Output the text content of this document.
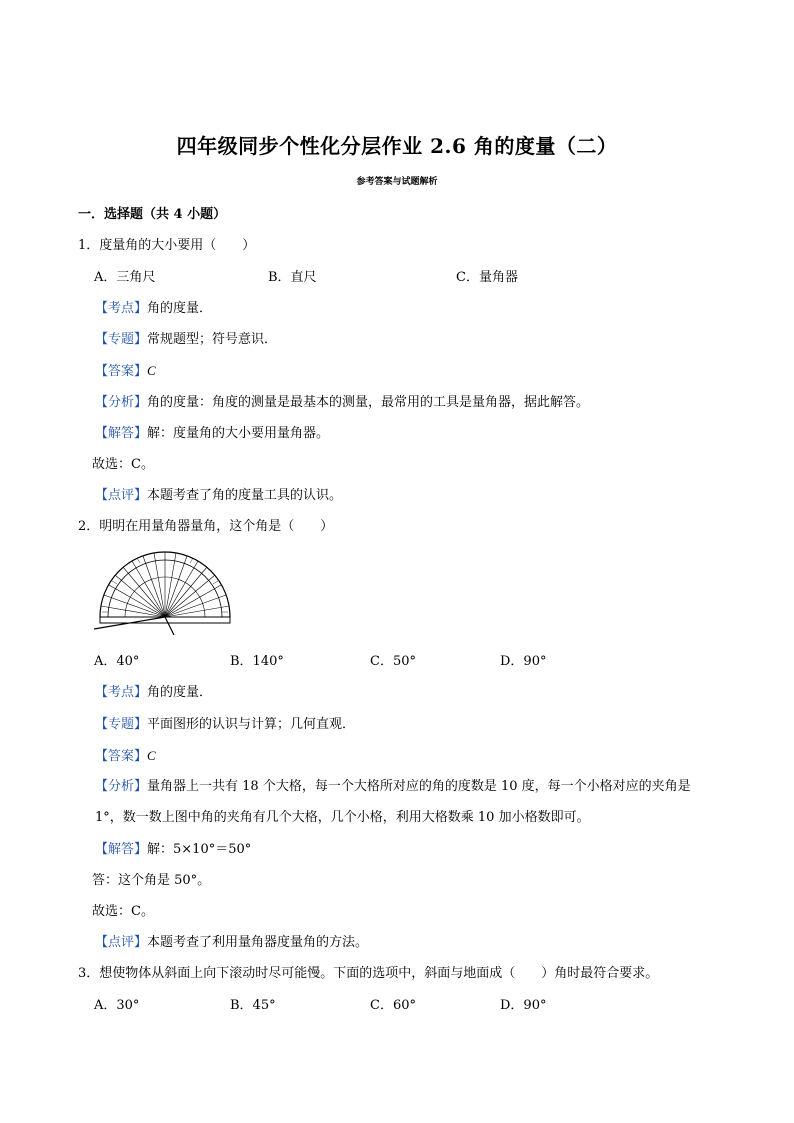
四年级同步个性化分层作业 2.6 角的度量（二）
参考答案与试题解析
一．选择题（共 4 小题）
1．度量角的大小要用（　　）
A．三角尺	B．直尺	C．量角器
【考点】角的度量．
【专题】常规题型；符号意识．
【答案】C
【分析】角的度量：角度的测量是最基本的测量，最常用的工具是量角器，据此解答。
【解答】解：度量角的大小要用量角器。
故选：C。
【点评】本题考查了角的度量工具的认识。
2．明明在用量角器量角，这个角是（　　）
A．40°	B．140°	C．50°	D．90°
【考点】角的度量．
【专题】平面图形的认识与计算；几何直观．
【答案】C
【分析】量角器上一共有 18 个大格，每一个大格所对应的角的度数是 10 度，每一个小格对应的夹角是
1°，数一数上图中角的夹角有几个大格，几个小格，利用大格数乘 10 加小格数即可。
【解答】解：5×10°＝50°
答：这个角是 50°。
故选：C。
【点评】本题考查了利用量角器度量角的方法。
3．想使物体从斜面上向下滚动时尽可能慢。下面的选项中，斜面与地面成（　　）角时最符合要求。
A．30°	B．45°	C．60°	D．90°
